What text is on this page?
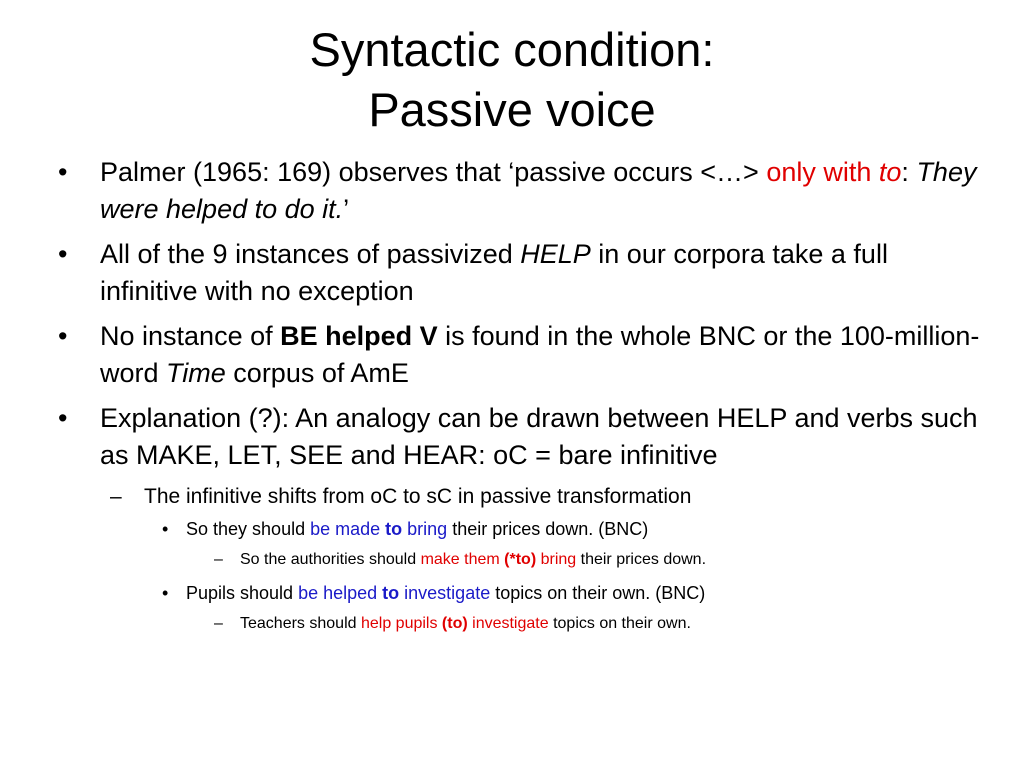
Syntactic condition:
Passive voice
• Palmer (1965: 169) observes that ‘passive occurs <…> only with to: They were helped to do it.’
• All of the 9 instances of passivized HELP in our corpora take a full infinitive with no exception
• No instance of BE helped V is found in the whole BNC or the 100-million-word Time corpus of AmE
• Explanation (?): An analogy can be drawn between HELP and verbs such as MAKE, LET, SEE and HEAR: oC = bare infinitive
– The infinitive shifts from oC to sC in passive transformation
• So they should be made to bring their prices down. (BNC)
– So the authorities should make them (*to) bring their prices down.
• Pupils should be helped to investigate topics on their own. (BNC)
– Teachers should help pupils (to) investigate topics on their own.
